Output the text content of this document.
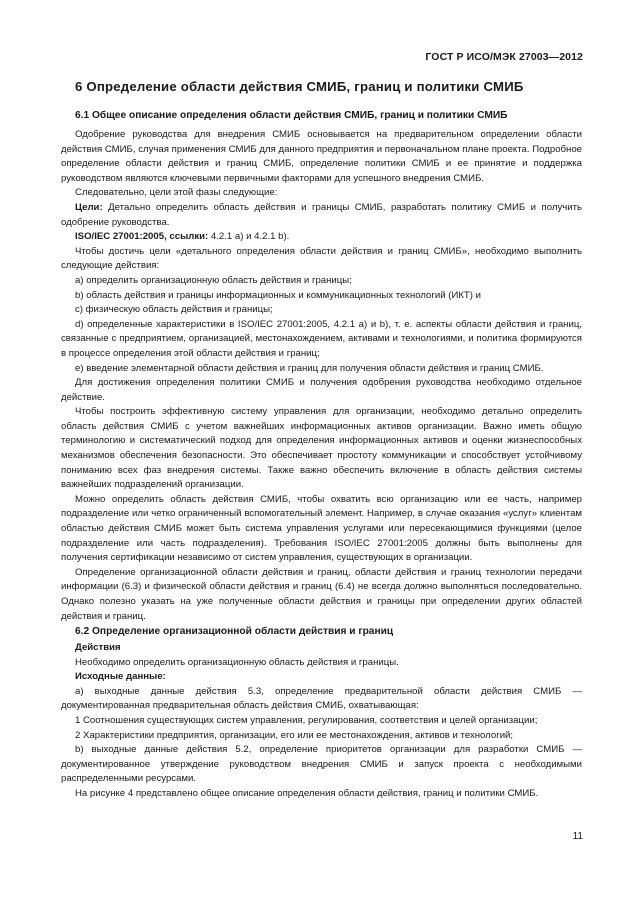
ГОСТ Р ИСО/МЭК 27003—2012
6 Определение области действия СМИБ, границ и политики СМИБ
6.1 Общее описание определения области действия СМИБ, границ и политики СМИБ

Одобрение руководства для внедрения СМИБ основывается на предварительном определении области действия СМИБ, случая применения СМИБ для данного предприятия и первоначальном плане проекта. Подробное определение области действия и границ СМИБ, определение политики СМИБ и ее принятие и поддержка руководством являются ключевыми первичными факторами для успешного внедрения СМИБ.

Следовательно, цели этой фазы следующие:

Цели: Детально определить область действия и границы СМИБ, разработать политику СМИБ и получить одобрение руководства.

ISO/IEC 27001:2005, ссылки: 4.2.1 а) и 4.2.1 b).

Чтобы достичь цели «детального определения области действия и границ СМИБ», необходимо выполнить следующие действия:

а) определить организационную область действия и границы;

b) область действия и границы информационных и коммуникационных технологий (ИКТ) и

c) физическую область действия и границы;

d) определенные характеристики в ISO/IEC 27001:2005, 4.2.1 а) и b), т. е. аспекты области действия и границ, связанные с предприятием, организацией, местонахождением, активами и технологиями, и политика формируются в процессе определения этой области действия и границ;

e) введение элементарной области действия и границ для получения области действия и границ СМИБ.

Для достижения определения политики СМИБ и получения одобрения руководства необходимо отдельное действие.

Чтобы построить эффективную систему управления для организации, необходимо детально определить область действия СМИБ с учетом важнейших информационных активов организации. Важно иметь общую терминологию и систематический подход для определения информационных активов и оценки жизнеспособных механизмов обеспечения безопасности. Это обеспечивает простоту коммуникации и способствует устойчивому пониманию всех фаз внедрения системы. Также важно обеспечить включение в область действия системы важнейших подразделений организации.

Можно определить область действия СМИБ, чтобы охватить всю организацию или ее часть, например подразделение или четко ограниченный вспомогательный элемент. Например, в случае оказания «услуг» клиентам областью действия СМИБ может быть система управления услугами или пересекающимися функциями (целое подразделение или часть подразделения). Требования ISO/IEC 27001:2005 должны быть выполнены для получения сертификации независимо от систем управления, существующих в организации.

Определение организационной области действия и границ, области действия и границ технологии передачи информации (6.3) и физической области действия и границ (6.4) не всегда должно выполняться последовательно. Однако полезно указать на уже полученные области действия и границы при определении других областей действия и границ.

6.2 Определение организационной области действия и границ

Действия

Необходимо определить организационную область действия и границы.

Исходные данные:

а) выходные данные действия 5.3, определение предварительной области действия СМИБ — документированная предварительная область действия СМИБ, охватывающая:

1 Соотношения существующих систем управления, регулирования, соответствия и целей организации;

2 Характеристики предприятия, организации, его или ее местонахождения, активов и технологий;

b) выходные данные действия 5.2, определение приоритетов организации для разработки СМИБ — документированное утверждение руководством внедрения СМИБ и запуск проекта с необходимыми распределенными ресурсами.

На рисунке 4 представлено общее описание определения области действия, границ и политики СМИБ.

11
